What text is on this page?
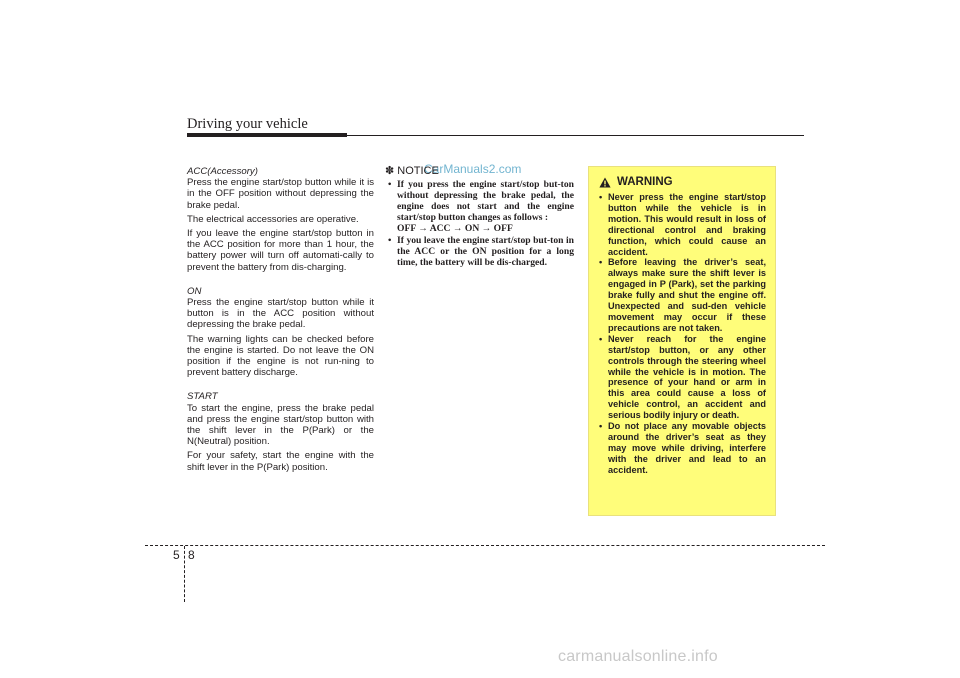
Driving your vehicle
ACC(Accessory)

Press the engine start/stop button while it is in the OFF position without depressing the brake pedal.

The electrical accessories are operative.

If you leave the engine start/stop button in the ACC position for more than 1 hour, the battery power will turn off automati-cally to prevent the battery from dis-charging.

ON

Press the engine start/stop button while it button is in the ACC position without depressing the brake pedal.

The warning lights can be checked before the engine is started. Do not leave the ON position if the engine is not run-ning to prevent battery discharge.

START

To start the engine, press the brake pedal and press the engine start/stop button with the shift lever in the P(Park) or the N(Neutral) position.

For your safety, start the engine with the shift lever in the P(Park) position.

CarManuals2.com
✽ NOTICE
• If you press the engine start/stop but-ton without depressing the brake pedal, the engine does not start and the engine start/stop button changes as follows :
OFF → ACC → ON → OFF
• If you leave the engine start/stop but-ton in the ACC or the ON position for a long time, the battery will be dis-charged.
WARNING
• Never press the engine start/stop button while the vehicle is in motion. This would result in loss of directional control and braking function, which could cause an accident.
• Before leaving the driver’s seat, always make sure the shift lever is engaged in P (Park), set the parking brake fully and shut the engine off. Unexpected and sud-den vehicle movement may occur if these precautions are not taken.
• Never reach for the engine start/stop button, or any other controls through the steering wheel while the vehicle is in motion. The presence of your hand or arm in this area could cause a loss of vehicle control, an accident and serious bodily injury or death.
• Do not place any movable objects around the driver’s seat as they may move while driving, interfere with the driver and lead to an accident.
5 8
carmanualsonline.info
